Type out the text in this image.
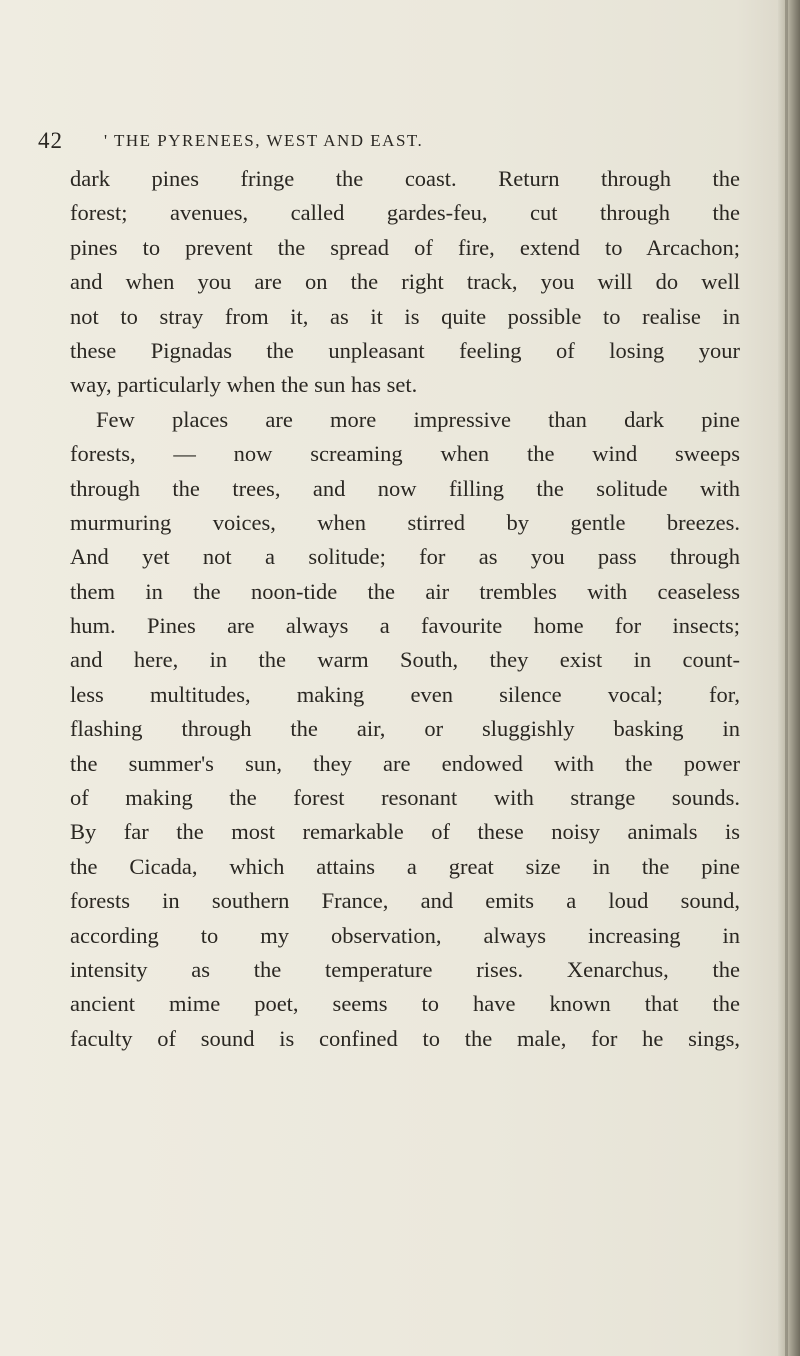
42 ' THE PYRENEES, WEST AND EAST.
dark pines fringe the coast. Return through the
forest; avenues, called gardes-feu, cut through the
pines to prevent the spread of fire, extend to Arcachon;
and when you are on the right track, you will do well
not to stray from it, as it is quite possible to realise in
these Pignadas the unpleasant feeling of losing your
way, particularly when the sun has set.
Few places are more impressive than dark pine
forests, — now screaming when the wind sweeps
through the trees, and now filling the solitude with
murmuring voices, when stirred by gentle breezes.
And yet not a solitude; for as you pass through
them in the noon-tide the air trembles with ceaseless
hum. Pines are always a favourite home for insects;
and here, in the warm South, they exist in count-
less multitudes, making even silence vocal; for,
flashing through the air, or sluggishly basking in
the summer's sun, they are endowed with the power
of making the forest resonant with strange sounds.
By far the most remarkable of these noisy animals is
the Cicada, which attains a great size in the pine
forests in southern France, and emits a loud sound,
according to my observation, always increasing in
intensity as the temperature rises. Xenarchus, the
ancient mime poet, seems to have known that the
faculty of sound is confined to the male, for he sings,
